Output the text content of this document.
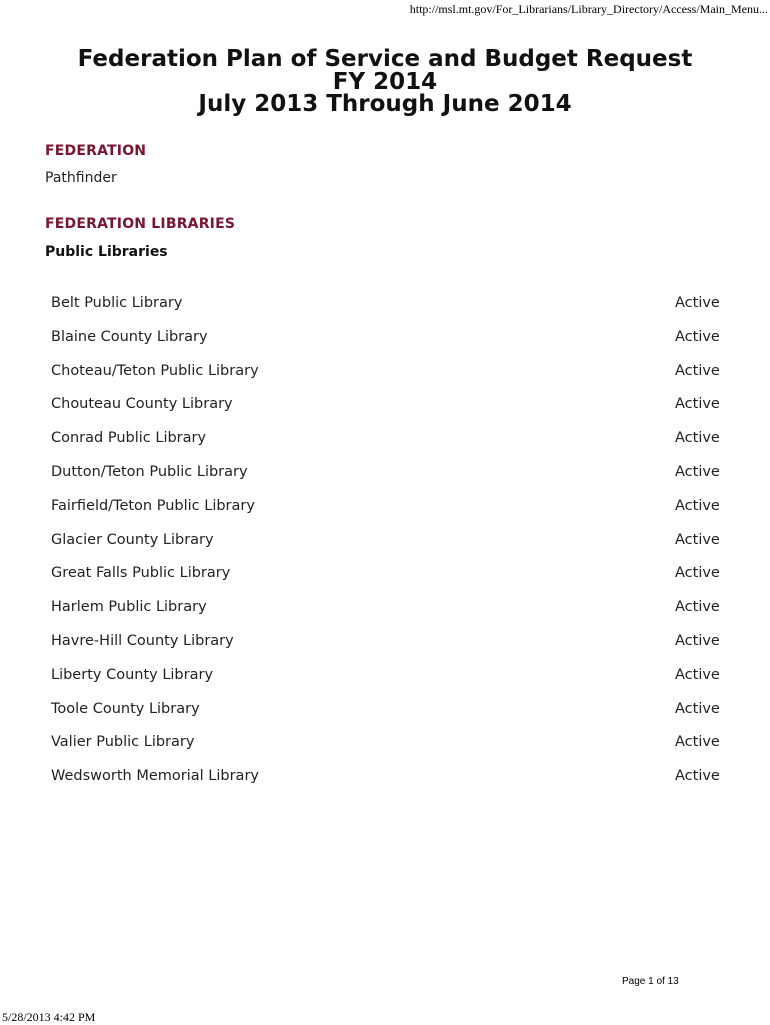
http://msl.mt.gov/For_Librarians/Library_Directory/Access/Main_Menu...
Federation Plan of Service and Budget Request
FY 2014
July 2013 Through June 2014
FEDERATION
Pathfinder
FEDERATION LIBRARIES
Public Libraries
Belt Public Library	Active
Blaine County Library	Active
Choteau/Teton Public Library	Active
Chouteau County Library	Active
Conrad Public Library	Active
Dutton/Teton Public Library	Active
Fairfield/Teton Public Library	Active
Glacier County Library	Active
Great Falls Public Library	Active
Harlem Public Library	Active
Havre-Hill County Library	Active
Liberty County Library	Active
Toole County Library	Active
Valier Public Library	Active
Wedsworth Memorial Library	Active
Page 1 of 13
5/28/2013 4:42 PM
